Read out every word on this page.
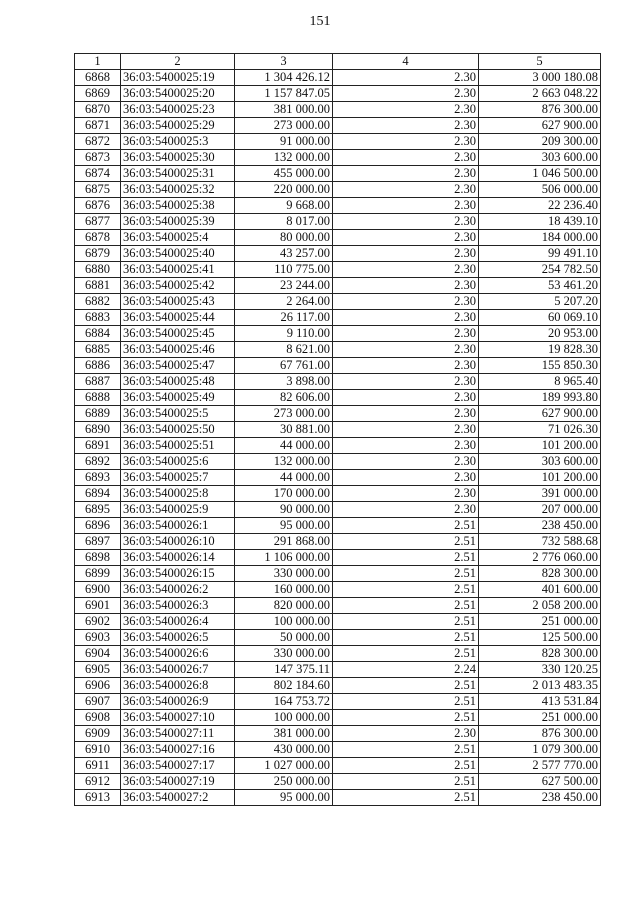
151
1	2	3	4	5
6868	36:03:5400025:19	1 304 426.12	2.30	3 000 180.08
6869	36:03:5400025:20	1 157 847.05	2.30	2 663 048.22
6870	36:03:5400025:23	381 000.00	2.30	876 300.00
6871	36:03:5400025:29	273 000.00	2.30	627 900.00
6872	36:03:5400025:3	91 000.00	2.30	209 300.00
6873	36:03:5400025:30	132 000.00	2.30	303 600.00
6874	36:03:5400025:31	455 000.00	2.30	1 046 500.00
6875	36:03:5400025:32	220 000.00	2.30	506 000.00
6876	36:03:5400025:38	9 668.00	2.30	22 236.40
6877	36:03:5400025:39	8 017.00	2.30	18 439.10
6878	36:03:5400025:4	80 000.00	2.30	184 000.00
6879	36:03:5400025:40	43 257.00	2.30	99 491.10
6880	36:03:5400025:41	110 775.00	2.30	254 782.50
6881	36:03:5400025:42	23 244.00	2.30	53 461.20
6882	36:03:5400025:43	2 264.00	2.30	5 207.20
6883	36:03:5400025:44	26 117.00	2.30	60 069.10
6884	36:03:5400025:45	9 110.00	2.30	20 953.00
6885	36:03:5400025:46	8 621.00	2.30	19 828.30
6886	36:03:5400025:47	67 761.00	2.30	155 850.30
6887	36:03:5400025:48	3 898.00	2.30	8 965.40
6888	36:03:5400025:49	82 606.00	2.30	189 993.80
6889	36:03:5400025:5	273 000.00	2.30	627 900.00
6890	36:03:5400025:50	30 881.00	2.30	71 026.30
6891	36:03:5400025:51	44 000.00	2.30	101 200.00
6892	36:03:5400025:6	132 000.00	2.30	303 600.00
6893	36:03:5400025:7	44 000.00	2.30	101 200.00
6894	36:03:5400025:8	170 000.00	2.30	391 000.00
6895	36:03:5400025:9	90 000.00	2.30	207 000.00
6896	36:03:5400026:1	95 000.00	2.51	238 450.00
6897	36:03:5400026:10	291 868.00	2.51	732 588.68
6898	36:03:5400026:14	1 106 000.00	2.51	2 776 060.00
6899	36:03:5400026:15	330 000.00	2.51	828 300.00
6900	36:03:5400026:2	160 000.00	2.51	401 600.00
6901	36:03:5400026:3	820 000.00	2.51	2 058 200.00
6902	36:03:5400026:4	100 000.00	2.51	251 000.00
6903	36:03:5400026:5	50 000.00	2.51	125 500.00
6904	36:03:5400026:6	330 000.00	2.51	828 300.00
6905	36:03:5400026:7	147 375.11	2.24	330 120.25
6906	36:03:5400026:8	802 184.60	2.51	2 013 483.35
6907	36:03:5400026:9	164 753.72	2.51	413 531.84
6908	36:03:5400027:10	100 000.00	2.51	251 000.00
6909	36:03:5400027:11	381 000.00	2.30	876 300.00
6910	36:03:5400027:16	430 000.00	2.51	1 079 300.00
6911	36:03:5400027:17	1 027 000.00	2.51	2 577 770.00
6912	36:03:5400027:19	250 000.00	2.51	627 500.00
6913	36:03:5400027:2	95 000.00	2.51	238 450.00
